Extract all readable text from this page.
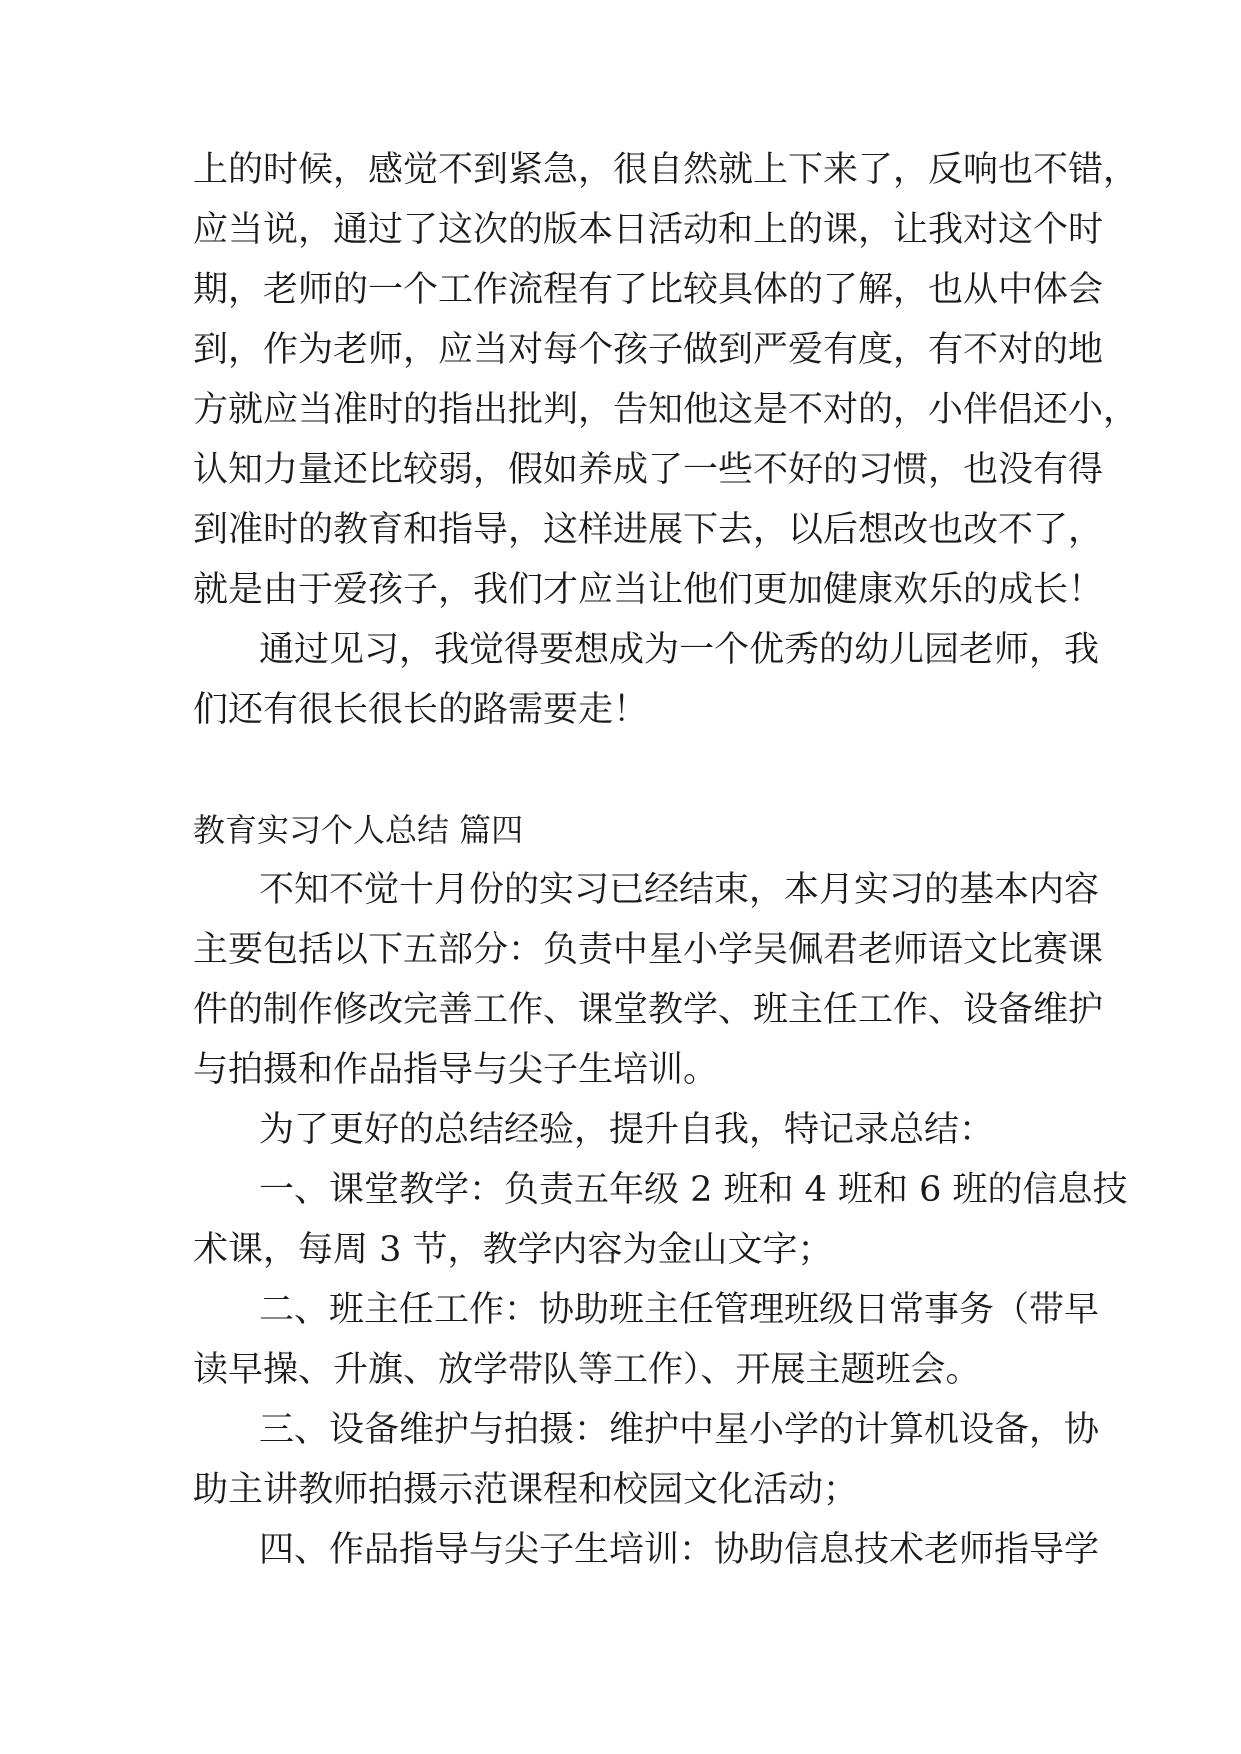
上的时候，感觉不到紧急，很自然就上下来了，反响也不错，
应当说，通过了这次的版本日活动和上的课，让我对这个时
期，老师的一个工作流程有了比较具体的了解，也从中体会
到，作为老师，应当对每个孩子做到严爱有度，有不对的地
方就应当准时的指出批判，告知他这是不对的，小伴侣还小，
认知力量还比较弱，假如养成了一些不好的习惯，也没有得
到准时的教育和指导，这样进展下去，以后想改也改不了，
就是由于爱孩子，我们才应当让他们更加健康欢乐的成长！
通过见习，我觉得要想成为一个优秀的幼儿园老师，我
们还有很长很长的路需要走！
教育实习个人总结 篇四
不知不觉十月份的实习已经结束，本月实习的基本内容
主要包括以下五部分：负责中星小学吴佩君老师语文比赛课
件的制作修改完善工作、课堂教学、班主任工作、设备维护
与拍摄和作品指导与尖子生培训。
为了更好的总结经验，提升自我，特记录总结：
一、课堂教学：负责五年级 2 班和 4 班和 6 班的信息技
术课，每周 3 节，教学内容为金山文字；
二、班主任工作：协助班主任管理班级日常事务（带早
读早操、升旗、放学带队等工作）、开展主题班会。
三、设备维护与拍摄：维护中星小学的计算机设备，协
助主讲教师拍摄示范课程和校园文化活动；
四、作品指导与尖子生培训：协助信息技术老师指导学
